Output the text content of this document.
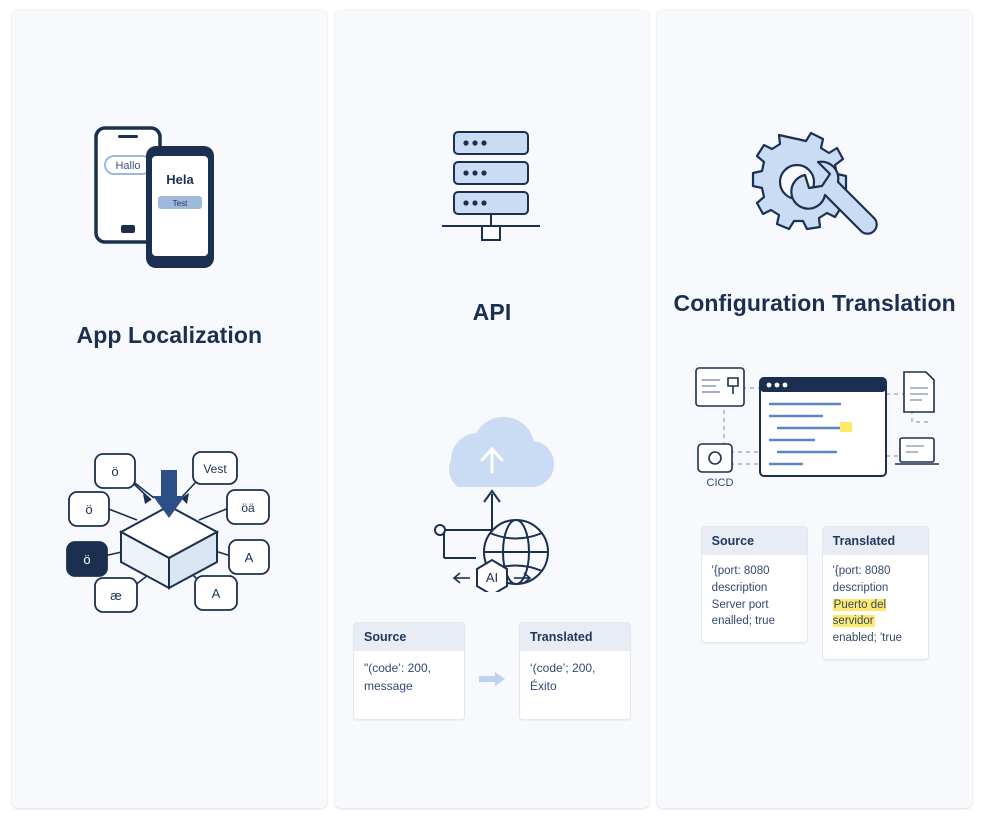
Hallo
Hela
Test
App Localization
ö	Vest
ö	öä
ö	A
æ	A
API
AI
Source
"(code’: 200,
message
Translated
‘(code’; 200,
Éxito
Configuration Translation
CICD
Source
'{port: 8080
description
Server port
enalled; true
Translated
'{port: 8080
description
Puerto del servidor
enabled; 'true
